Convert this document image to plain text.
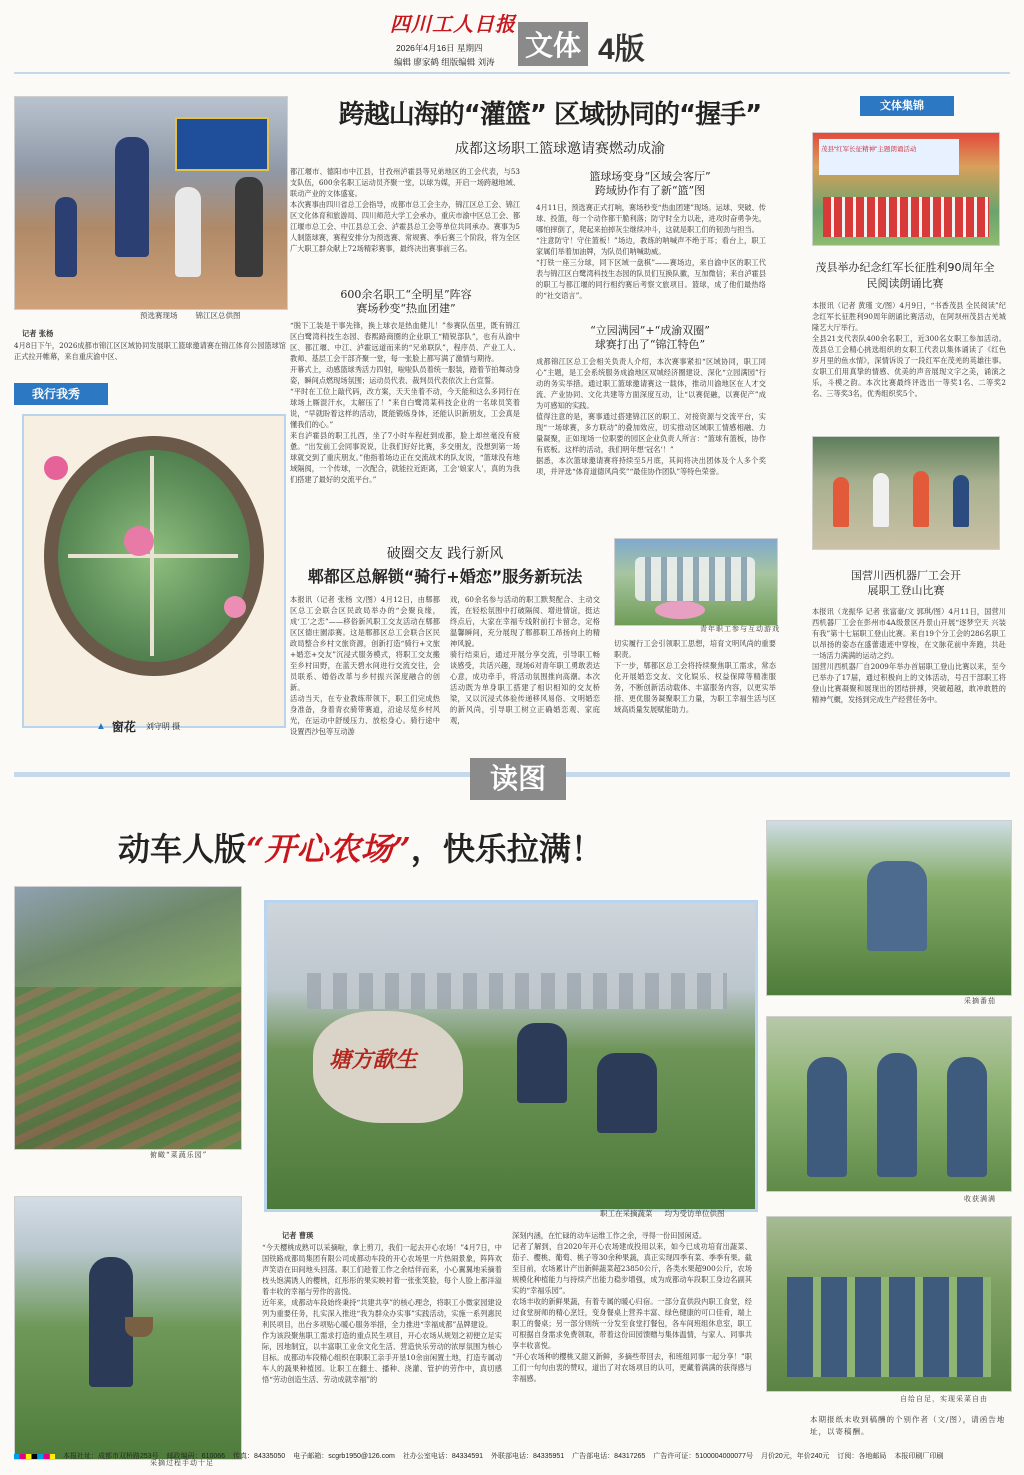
四川工人日报
2026年4月16日 星期四
编辑 廖家鹤 组版编辑 刘涛
文体 4版
预选赛现场 锦江区总供图
记者 张杨
4月8日下午，2026成都市锦江区区域协同发展职工篮球邀请赛在锦江体育公园篮球馆正式拉开帷幕，来自重庆渝中区、
我行我秀
▲ 窗花 刘守明 摄
跨越山海的“灌篮” 区域协同的“握手”
成都这场职工篮球邀请赛燃动成渝
都江堰市、德阳市中江县，甘孜州泸霍县等兄弟地区的工会代表，与53支队伍，600余名职工运动员齐聚一堂，以球为媒，开启一场跨越地域、联动产业的文体盛宴。
本次赛事由四川省总工会指导，成都市总工会主办，锦江区总工会、锦江区文化体育和旅游局、四川师范大学工会承办，重庆市渝中区总工会、都江堰市总工会、中江县总工会、泸霍县总工会等单位共同承办。赛事为5人制篮球赛，赛程安排分为预选赛、常规赛、季后赛三个阶段，将为全区广大职工群众献上72场精彩赛事，最终决出赛事前三名。
600余名职工“全明星”阵容
赛场秒变“热血团建”
“脱下工装是干事先锋，换上球衣是热血健儿！”参赛队伍里，既有锦江区白鹭湾科技生态园、春熙路商圈的企业职工“精锐部队”，也有从渝中区、都江堰、中江、泸霍远道而来的“兄弟联队”，程序员、产业工人、教师、基层工会干部齐聚一堂，每一张脸上都写满了激情与期待。
开幕式上，动感篮球秀活力四射，啦啦队员着统一服装，踏着节拍舞动身姿，瞬间点燃现场氛围；运动员代表、裁判员代表依次上台宣誓。
“平时在工位上敲代码，改方案，天天坐着不动，今天能和这么多同行在球场上厮混汗水，太解压了！”来自白鹭湾某科技企业的一名球员笑着说，“早就盼着这样的活动，既能锻炼身体，还能认识新朋友，工会真是懂我们的心。”
来自泸霍县的职工扎西，坐了7小时车程赶到成都，脸上却丝毫没有疲惫。“出发前工会同事说说，让我们好好比赛，多交朋友，没想到第一场球就交到了重庆朋友。”他指着场边正在交流战术的队友说，“篮球没有地域隔阂，一个传球，一次配合，就能拉近距离，工会‘娘家人’，真的为我们搭建了最好的交流平台。”
篮球场变身“区域会客厅”
跨域协作有了新“篮”图
4月11日，预选赛正式打响，赛场秒变“热血团建”现场。运球、突破、传球、投篮，每一个动作都干脆利落；防守时全力以赴，进攻时奋勇争先，哪怕摔倒了，爬起来拍掉灰尘继续冲斗，这就是职工们的韧劲与担当。
“注意防守！守住篮板！”场边，教练的呐喊声不绝于耳；看台上，职工家属们举着加油牌，为队员们呐喊助威。
“打铁一座三分球，同下区域一盘棋”——赛场边，来自渝中区的职工代表与锦江区白鹭湾科技生态园的队员们互换队徽，互加微信；来自泸霍县的职工与都江堰的同行相约赛后考察文旅项目。篮球，成了他们最热络的“社交语言”。
“立园满园”+“成渝双圈”
球赛打出了“锦江特色”
成都锦江区总工会相关负责人介绍，本次赛事紧扣“区域协同，职工同心”主题，是工会系统服务成渝地区双城经济圈建设、深化“立园满园”行动的务实举措。通过职工篮球邀请赛这一载体，推动川渝地区在人才交流、产业协同、文化共建等方面深度互动，让“以赛促融，以赛促产”成为可感知的实践。
值得注意的是，赛事通过搭建锦江区的职工、对接资源与交流平台，实现“一场球赛，多方联动”的叠加效应，切实推动区域职工情感相融、力量凝聚，正如现场一位职要的园区企业负责人所言：“篮球有篮板，协作有底板。这样的活动，我们明年想‘冠名’！”
据悉，本次篮球邀请赛将持续至5月底，其间将决出团体及个人多个奖项，并评选“体育道德风尚奖”“最佳协作团队”等特色荣誉。
破圈交友 践行新风
郫都区总解锁“骑行+婚恋”服务新玩法
本报讯（记者 张杨 文/图）4月12日，由郫都区总工会联合区民政局举办的“会聚良缘，成‘工’之恋”——移俗新风职工交友活动在郫都区区德庄園添赛。这是郫都区总工会联合区民政局整合乡村文旅资源，创新打造“骑行+文旅+婚恋+交友”沉浸式服务模式，将职工交友搬至乡村田野，在蓝天碧水间进行交流交往，会员联系、婚俗改革与乡村振兴深度融合的创新。
活动当天，在专业教练带领下，职工们完成热身准备，身着青衣骑带赛道，沿途尽览乡村风光，在运动中舒缓压力、放松身心。骑行途中设置西沙包等互动游
戏，60余名参与活动的职工默契配合、主动交流，在轻松氛围中打破隔阂、增进情谊，挺达终点后，大家在幸福专线附前打卡留念，定格温馨瞬间，充分展现了郫都职工昂扬向上的精神风貌。
骑行结束后，通过开展分享交流，引导职工畅谈感受，共话兴趣，现场6对青年职工勇敢表达心意，成功牵手，将活动氛围推向高潮。本次活动既为单身职工搭建了相识相知的交友桥梁，又以沉浸式体验传递移风易俗、文明婚恋的新风尚，引导职工树立正确婚恋观、家庭观，
青年职工参与互动游戏
切实履行工会引领职工思想，培育文明风尚的重要职责。
下一步，郫都区总工会将持续聚焦职工需求，常态化开展婚恋交友、文化娱乐、权益保障等精准服务，不断创新活动载体、丰富服务内容，以更实举措、更优服务凝聚职工力量，为职工幸福生活与区域高质量发展赋能助力。
文体集锦
茂县“红军长征精神”主题朗诵活动
茂县举办纪念红军长征胜利90周年全民阅读朗诵比赛
本报讯（记者 黄瑾 文/图）4月9日，“书香茂县 全民阅读”纪念红军长征胜利90周年朗诵比赛活动，在阿坝州茂县古羌城隆艺大厅举行。
全县21支代表队400余名职工，近300名女职工参加活动。茂县总工会精心挑选组织的女职工代表以集体诵读了《红色岁月里的鱼水情》，深情诉说了一段红军在茂羌的英雄往事。女职工们用真挚的情感、优美的声音展现文字之美，诵演之乐，斗模之韵。本次比赛最终评选出一等奖1名、二等奖2名、三等奖3名，优秀组织奖5个。
国营川西机器厂工会开展职工登山比赛
本报讯（龙振华 记者 张富豪/文 郭琪/图）4月11日，国营川西机器厂工会在彭州市4A级景区丹景山开展“逐梦空天 兴装有我”第十七届职工登山比赛。来自19个分工会的286名职工以昂扬的姿态在盛蕾遗迹中穿梭，在文脉花前中奔跑，共赴一场活力满满的运动之约。
国营川西机器厂自2009年举办首届职工登山比赛以来，至今已举办了17届，通过积极向上的文体活动，号召干部职工将登山比赛凝聚和展现出的团结拼搏，突破超越，敢冲敢胜的精神气概，发扬到完成生产经营任务中。
读图
动车人版“开心农场”，快乐拉满！
俯瞰“菜蔬乐园”
采摘过程手动十足
塘方歃生
职工在采摘蔬菜 均为受访单位供图
记者 曹瑛
“今天樱桃成熟可以采摘啦，拿上剪刀，我们一起去开心农场！”4月7日，中国铁路成都局集团有限公司成都动车段的开心农场里一片热闹景象，阵阵欢声笑语在田间地头回荡。职工们趁着工作之余结伴而来，小心翼翼地采摘着枝头饱满诱人的樱桃，红彤彤的果实映衬着一张张笑脸，每个人脸上都洋溢着丰收的幸福与劳作的喜悦。
近年来，成都动车段始终秉持“共建共享”的核心理念，将职工小微家园建设列为重要任务，扎实深入推进“我为群众办实事”实践活动，实施一系列惠民利民项目，出台多项贴心暖心服务举措，全力推进“幸福成都”品牌建设。
作为该段聚焦职工需求打造的重点民生项目，开心农场从规划之初便立足实际，因地制宜，以丰富职工业余文化生活、营造快乐劳动的浓厚氛围为核心目标。成都动车段精心组织在职职工亲手开垦10余亩闲置土地，打造专属动车人的蔬果种植园。让职工在翻土、播种、浇灌、管护的劳作中，真切感悟“劳动创造生活、劳动成就幸福”的
深刻内涵，在忙碌的动车运维工作之余，寻得一份田园闲适。
记者了解到，自2020年开心农场建成投用以来，如今已成功培育出蔬菜、茄子、樱桃、葡萄、桃子等30余种果蔬，真正实现四季有菜、季季有果。截至目前，农场累计产出新鲜蔬菜超23850公斤，各类水果超900公斤，农场规模化种植能力与持续产出能力稳步增强，成为成都动车段职工身边名副其实的“幸福乐园”。
农场丰收的新鲜果蔬，有着专属的暖心归宿。一部分直供段内职工食堂，经过食堂厨师的精心烹饪，变身餐桌上营养丰富、绿色健康的可口佳肴，端上职工的餐桌；另一部分则统一分发至食堂打餐包，各车间班组休息室，职工可根据自身需求免费领取，带着这份田园馈赠与集体温情，与家人、同事共享丰收喜悦。
“开心农场种的樱桃又甜又新鲜，多摘些带回去，和班组同事一起分享！”职工们一句句由衷的赞叹，道出了对农场项目的认可，更藏着满满的获得感与幸福感。
采摘番茄
收获满满
自给自足，实现采菜自由
本期报纸未收到稿酬的个别作者（文/图），请函告地址，以寄稿酬。
本报社址：成都市双桥路253号 邮政编码：610066 传真：84335050 电子邮箱：scgrb1950@126.com 社办公室电话：84334591 外联部电话：84335951 广告部电话：84317265 广告许可证：5100004000077号 月价20元，年价240元 订阅：各地邮局 本报印刷厂印刷
